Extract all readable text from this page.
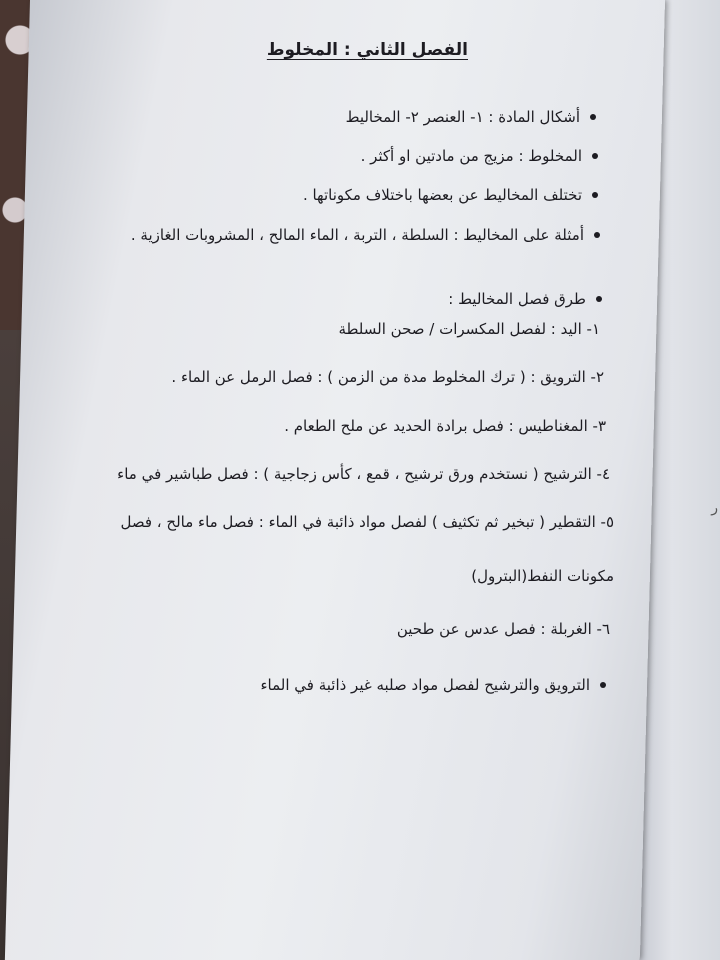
ر
الفصل الثاني : المخلوط
أشكال المادة : ١- العنصر ٢- المخاليط
المخلوط : مزيج من مادتين او أكثر .
تختلف المخاليط عن بعضها باختلاف مكوناتها .
أمثلة على المخاليط : السلطة ، التربة ، الماء المالح ، المشروبات الغازية .
طرق فصل المخاليط :
١- اليد : لفصل المكسرات / صحن السلطة
٢- الترويق : ( ترك المخلوط مدة من الزمن ) : فصل الرمل عن الماء .
٣- المغناطيس : فصل برادة الحديد عن ملح الطعام .
٤- الترشيح ( نستخدم ورق ترشيح ، قمع ، كأس زجاجية ) : فصل طباشير في ماء
٥- التقطير ( تبخير ثم تكثيف ) لفصل مواد ذائبة في الماء : فصل ماء مالح ، فصل
مكونات النفط(البترول)
٦- الغربلة : فصل عدس عن طحين
الترويق والترشيح لفصل مواد صلبه غير ذائبة في الماء
